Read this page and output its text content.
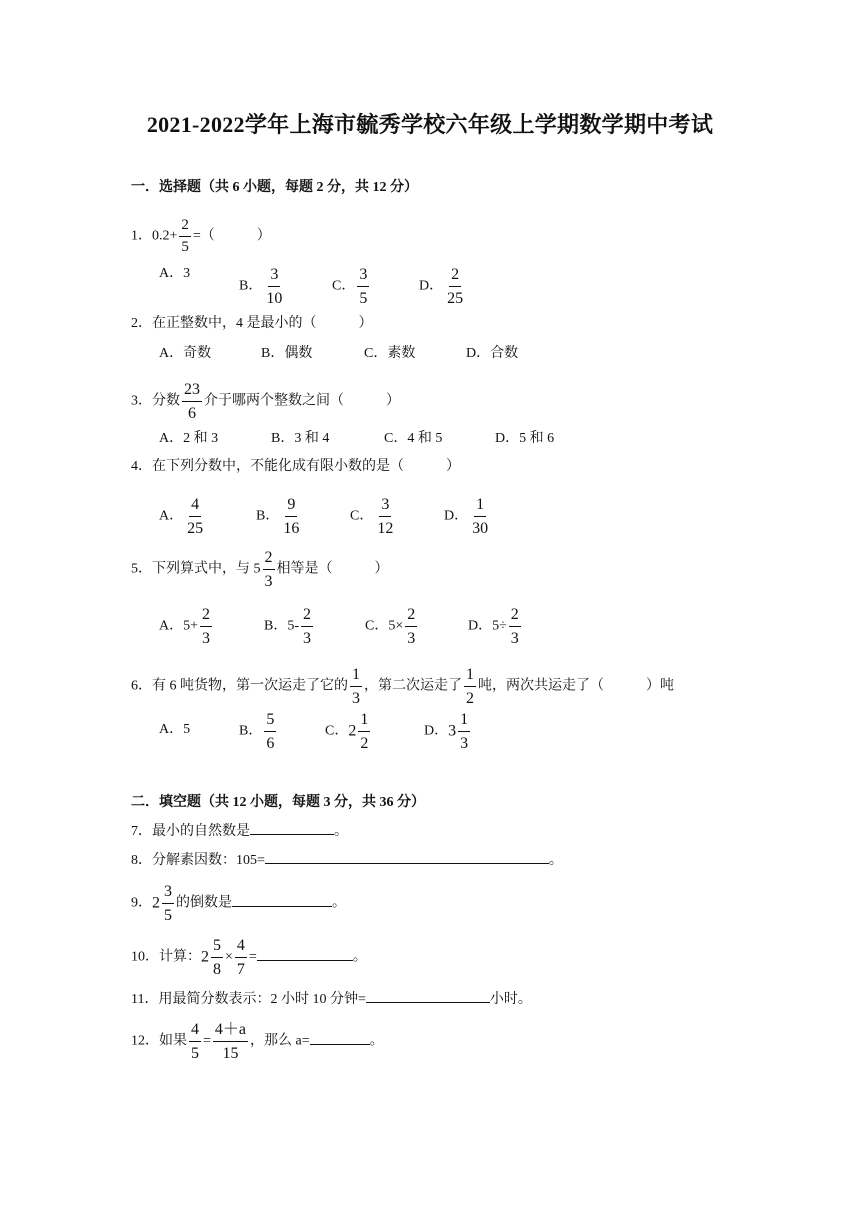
2021-2022学年上海市毓秀学校六年级上学期数学期中考试
一．选择题（共 6 小题，每题 2 分，共 12 分）
1．$0.2+ \frac{2}{5}$ =（　　　）
A．3
B． $\frac{3}{10}$	C． $\frac{3}{5}$	D． $\frac{2}{25}$
2．在正整数中，4 是最小的（　　　）
A．奇数	B．偶数	C．素数	D．合数
3．分数 $\frac{23}{6}$ 介于哪两个整数之间（　　　）
A．2 和 3	B．3 和 4	C．4 和 5	D．5 和 6
4．在下列分数中，不能化成有限小数的是（　　　）
A． $\frac{4}{25}$	B． $\frac{9}{16}$	C． $\frac{3}{12}$	D． $\frac{1}{30}$
5．下列算式中，与 $5 \frac{2}{3}$ 相等是（　　　）
A．$5+ \frac{2}{3}$	B．$5- \frac{2}{3}$	C．$5\times \frac{2}{3}$	D．$5\div \frac{2}{3}$
6．有 6 吨货物，第一次运走了它的 $\frac{1}{3}$ ，第二次运走了 $\frac{1}{2}$ 吨，两次共运走了（　　　）吨
A．5	B． $\frac{5}{6}$	C．$2 \frac{1}{2}$	D．$3 \frac{1}{3}$
二．填空题（共 12 小题，每题 3 分，共 36 分）
7．最小的自然数是	。
8．分解素因数：105=	。
9．$2 \frac{3}{5}$ 的倒数是	。
10．计算：$2 \frac{5}{8} \times \frac{4}{7}$ =	。
11．用最简分数表示：2 小时 10 分钟=	小时。
12．如果 $\frac{4}{5} = \frac{4+a}{15}$ ，那么 a=	。
